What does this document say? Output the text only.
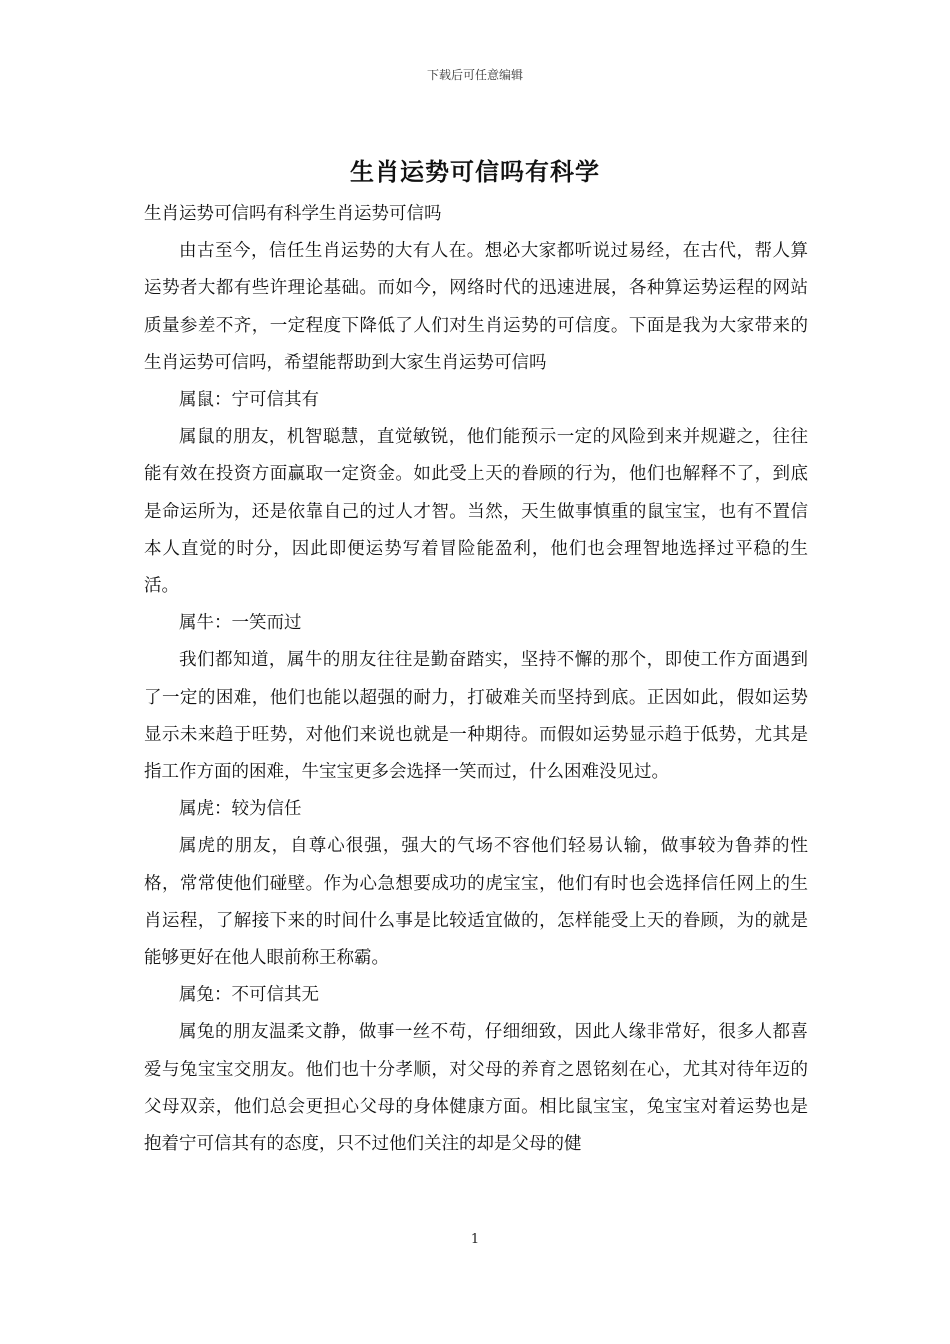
下载后可任意编辑
生肖运势可信吗有科学

生肖运势可信吗有科学生肖运势可信吗

由古至今，信任生肖运势的大有人在。想必大家都听说过易经，在古代，帮人算运势者大都有些许理论基础。而如今，网络时代的迅速进展，各种算运势运程的网站质量参差不齐，一定程度下降低了人们对生肖运势的可信度。下面是我为大家带来的生肖运势可信吗，希望能帮助到大家生肖运势可信吗

属鼠：宁可信其有

属鼠的朋友，机智聪慧，直觉敏锐，他们能预示一定的风险到来并规避之，往往能有效在投资方面赢取一定资金。如此受上天的眷顾的行为，他们也解释不了，到底是命运所为，还是依靠自己的过人才智。当然，天生做事慎重的鼠宝宝，也有不置信本人直觉的时分，因此即便运势写着冒险能盈利，他们也会理智地选择过平稳的生活。

属牛：一笑而过

我们都知道，属牛的朋友往往是勤奋踏实，坚持不懈的那个，即使工作方面遇到了一定的困难，他们也能以超强的耐力，打破难关而坚持到底。正因如此，假如运势显示未来趋于旺势，对他们来说也就是一种期待。而假如运势显示趋于低势，尤其是指工作方面的困难，牛宝宝更多会选择一笑而过，什么困难没见过。

属虎：较为信任

属虎的朋友，自尊心很强，强大的气场不容他们轻易认输，做事较为鲁莽的性格，常常使他们碰壁。作为心急想要成功的虎宝宝，他们有时也会选择信任网上的生肖运程，了解接下来的时间什么事是比较适宜做的，怎样能受上天的眷顾，为的就是能够更好在他人眼前称王称霸。

属兔：不可信其无

属兔的朋友温柔文静，做事一丝不苟，仔细细致，因此人缘非常好，很多人都喜爱与兔宝宝交朋友。他们也十分孝顺，对父母的养育之恩铭刻在心，尤其对待年迈的父母双亲，他们总会更担心父母的身体健康方面。相比鼠宝宝，兔宝宝对着运势也是抱着宁可信其有的态度，只不过他们关注的却是父母的健

1
